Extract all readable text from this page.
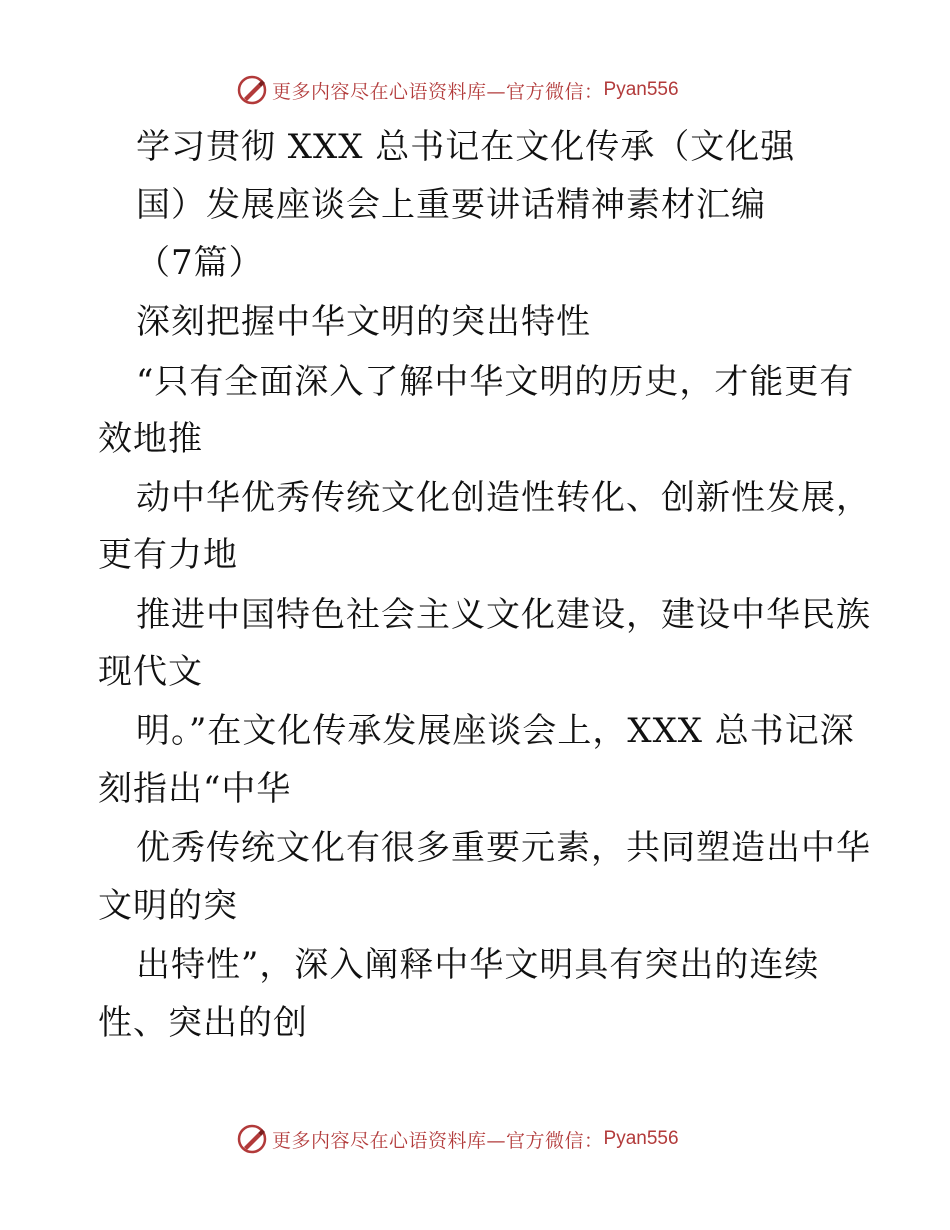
更多内容尽在心语资料库—官方微信： Pyan556
学习贯彻 XXX 总书记在文化传承（文化强
国）发展座谈会上重要讲话精神素材汇编
（7篇）
深刻把握中华文明的突出特性
“只有全面深入了解中华文明的历史，才能更有
效地推
动中华优秀传统文化创造性转化、创新性发展，
更有力地
推进中国特色社会主义文化建设，建设中华民族
现代文
明。”在文化传承发展座谈会上，XXX 总书记深
刻指出“中华
优秀传统文化有很多重要元素，共同塑造出中华
文明的突
出特性”，深入阐释中华文明具有突出的连续
性、突出的创
更多内容尽在心语资料库—官方微信： Pyan556
